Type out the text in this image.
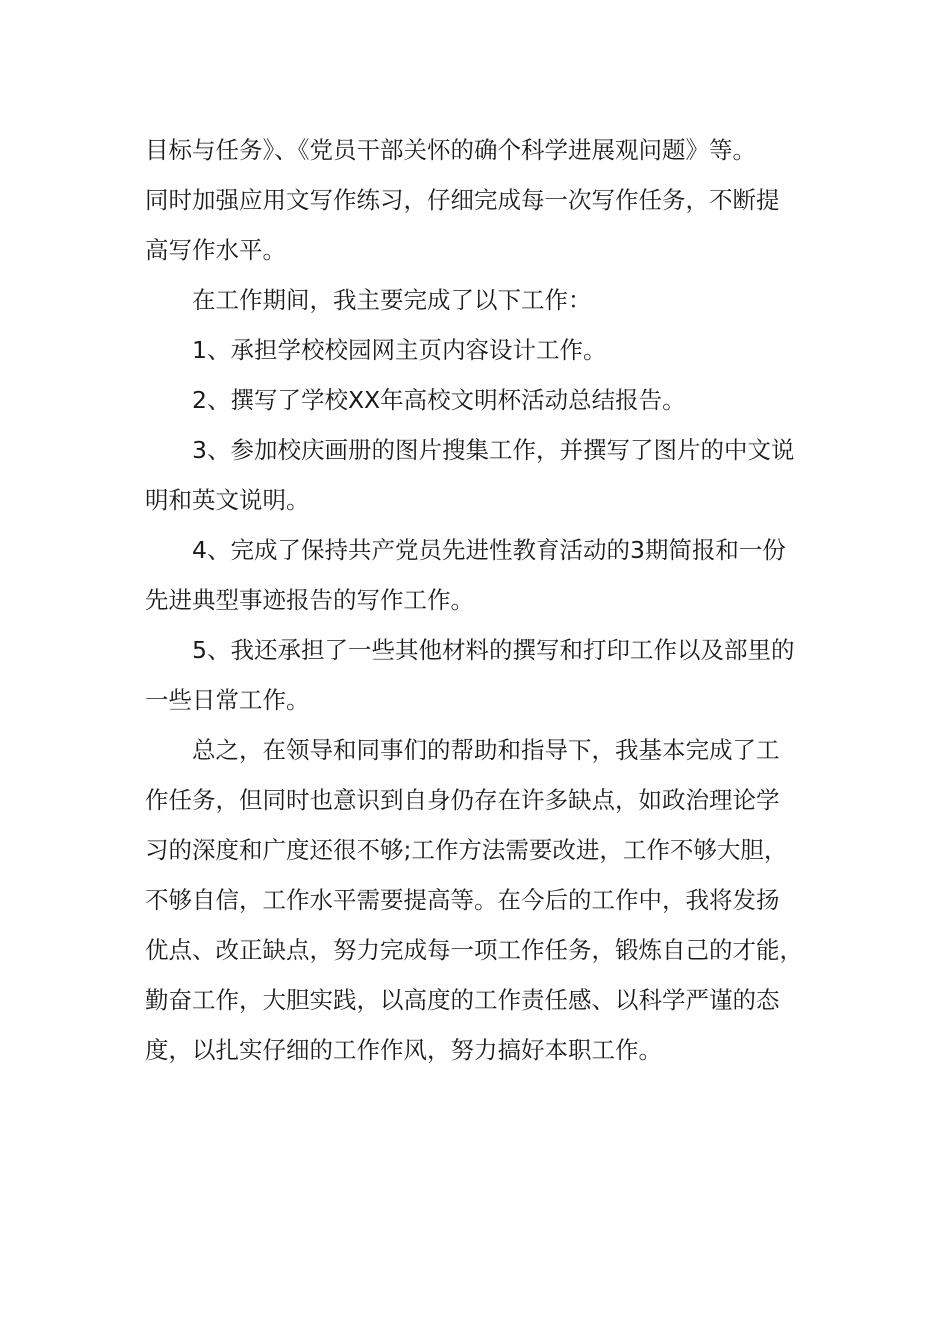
目标与任务》、《党员干部关怀的确个科学进展观问题》等。

同时加强应用文写作练习，仔细完成每一次写作任务，不断提

高写作水平。

在工作期间，我主要完成了以下工作：

1、承担学校校园网主页内容设计工作。

2、撰写了学校XX年高校文明杯活动总结报告。

3、参加校庆画册的图片搜集工作，并撰写了图片的中文说

明和英文说明。

4、完成了保持共产党员先进性教育活动的3期简报和一份

先进典型事迹报告的写作工作。

5、我还承担了一些其他材料的撰写和打印工作以及部里的

一些日常工作。

总之，在领导和同事们的帮助和指导下，我基本完成了工

作任务，但同时也意识到自身仍存在许多缺点，如政治理论学

习的深度和广度还很不够;工作方法需要改进，工作不够大胆，

不够自信，工作水平需要提高等。在今后的工作中，我将发扬

优点、改正缺点，努力完成每一项工作任务，锻炼自己的才能，

勤奋工作，大胆实践，以高度的工作责任感、以科学严谨的态

度，以扎实仔细的工作作风，努力搞好本职工作。
